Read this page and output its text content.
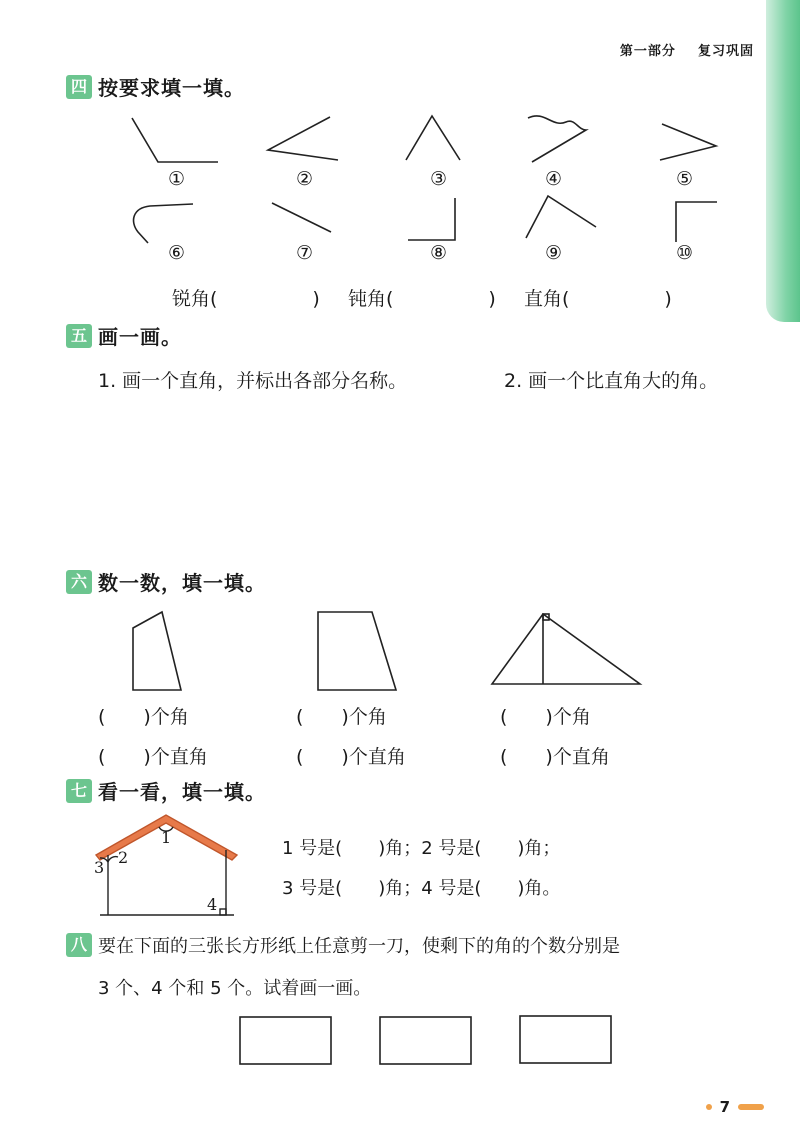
第一部分 复习巩固
四 按要求填一填。
①	②	③	④	⑤
⑥	⑦	⑧	⑨	⑩
锐角(　　　　　) 钝角(　　　　　) 直角(　　　　　)
五 画一画。
1. 画一个直角，并标出各部分名称。	2. 画一个比直角大的角。
六 数一数，填一填。
(　　)个角	(　　)个角	(　　)个角
(　　)个直角	(　　)个直角	(　　)个直角
七 看一看，填一填。
1
2
3
4
1 号是(　　)角；2 号是(　　)角；
3 号是(　　)角；4 号是(　　)角。
八 要在下面的三张长方形纸上任意剪一刀，使剩下的角的个数分别是
3 个、4 个和 5 个。试着画一画。
7
